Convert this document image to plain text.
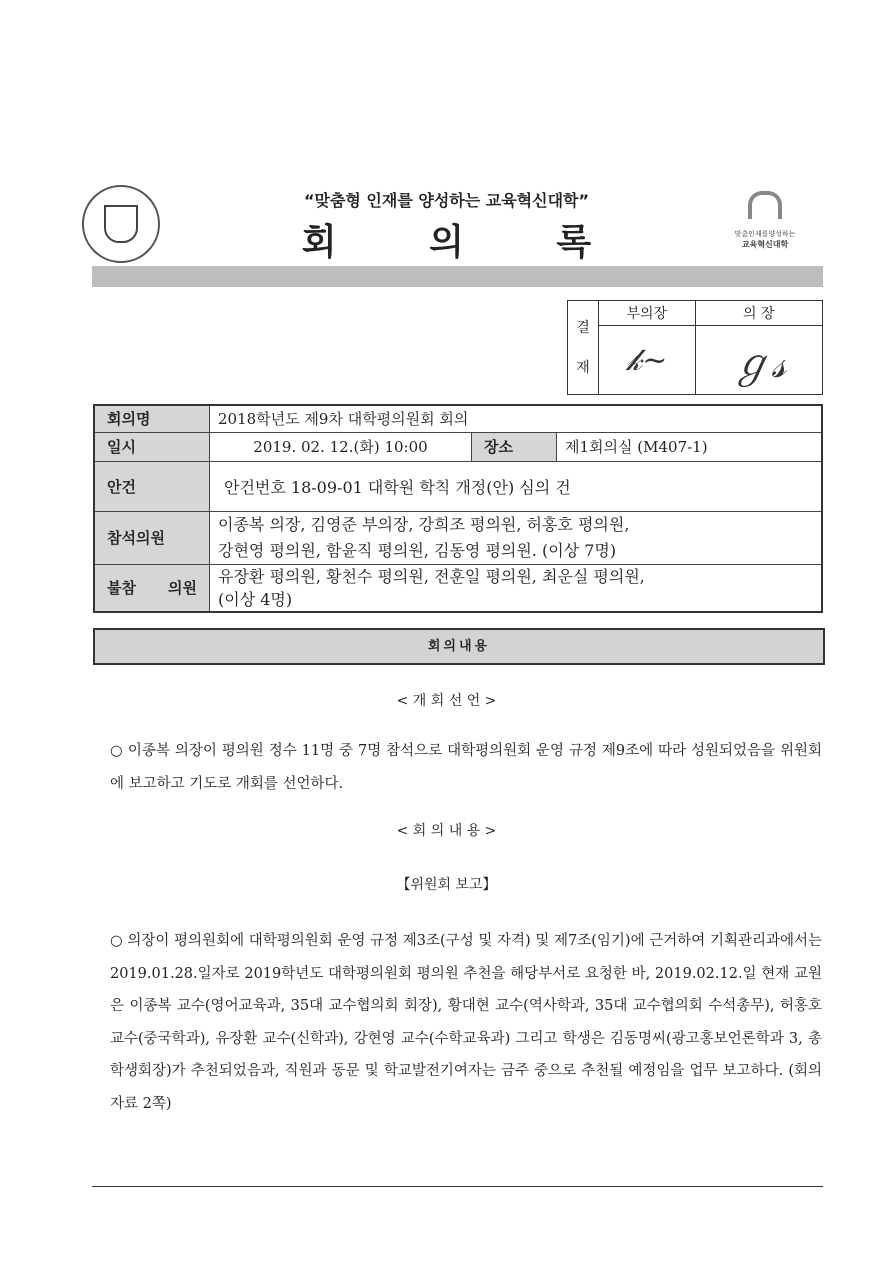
“맞춤형 인재를 양성하는 교육혁신대학”
회 의 록	맞춤인재를양성하는
교육혁신대학
결
재	부의장	의 장
	𝓀~	ℊ𝓈
회의명	2018학년도 제9차 대학평의원회 회의		
일시	2019. 02. 12.(화) 10:00	장소	제1회의실 (M407-1)
안건	안건번호 18-09-01 대학원 학칙 개정(안) 심의 건		
참석의원	이종복 의장, 김영준 부의장, 강희조 평의원, 허홍호 평의원,
강현영 평의원, 함윤직 평의원, 김동영 평의원. (이상 7명)		

불참 의원	유장환 평의원, 황천수 평의원, 전훈일 평의원, 최운실 평의원,
(이상 4명)		
회의내용
< 개 회 선 언 >
○ 이종복 의장이 평의원 정수 11명 중 7명 참석으로 대학평의원회 운영 규정 제9조에 따라 성원되었음을 위원회에 보고하고 기도로 개회를 선언하다.
< 회 의 내 용 >
【위원회 보고】
○ 의장이 평의원회에 대학평의원회 운영 규정 제3조(구성 및 자격) 및 제7조(임기)에 근거하여 기획관리과에서는 2019.01.28.일자로 2019학년도 대학평의원회 평의원 추천을 해당부서로 요청한 바, 2019.02.12.일 현재 교원은 이종복 교수(영어교육과, 35대 교수협의회 회장), 황대현 교수(역사학과, 35대 교수협의회 수석총무), 허홍호 교수(중국학과), 유장환 교수(신학과), 강현영 교수(수학교육과) 그리고 학생은 김동명씨(광고홍보언론학과 3, 총학생회장)가 추천되었음과, 직원과 동문 및 학교발전기여자는 금주 중으로 추천될 예정임을 업무 보고하다. (회의자료 2쪽)
